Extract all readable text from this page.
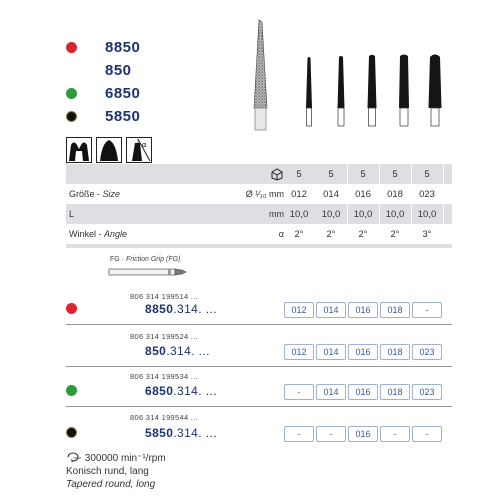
8850
850
6850
5850
α
5	5	5	5	5
Größe - Size	Ø ¹⁄₁₀ mm 012	014	016	018	023
L	mm 10,0	10,0	10,0	10,0	10,0
Winkel - Angle	α	2°	2°	2°	2°	3°
FG · Friction Grip (FG)
806 314 199514 ...
8850.314. ...	012	014	016	018	-
806 314 199524 ...
850.314. ...	012	014	016	018	023
806 314 199534 ...
6850.314. ...	-	014	016	018	023
806 314 199544 ...
5850.314. ...	-	-	016	-	-
max 300000 min⁻¹/rpm
Konisch rund, lang
Tapered round, long
